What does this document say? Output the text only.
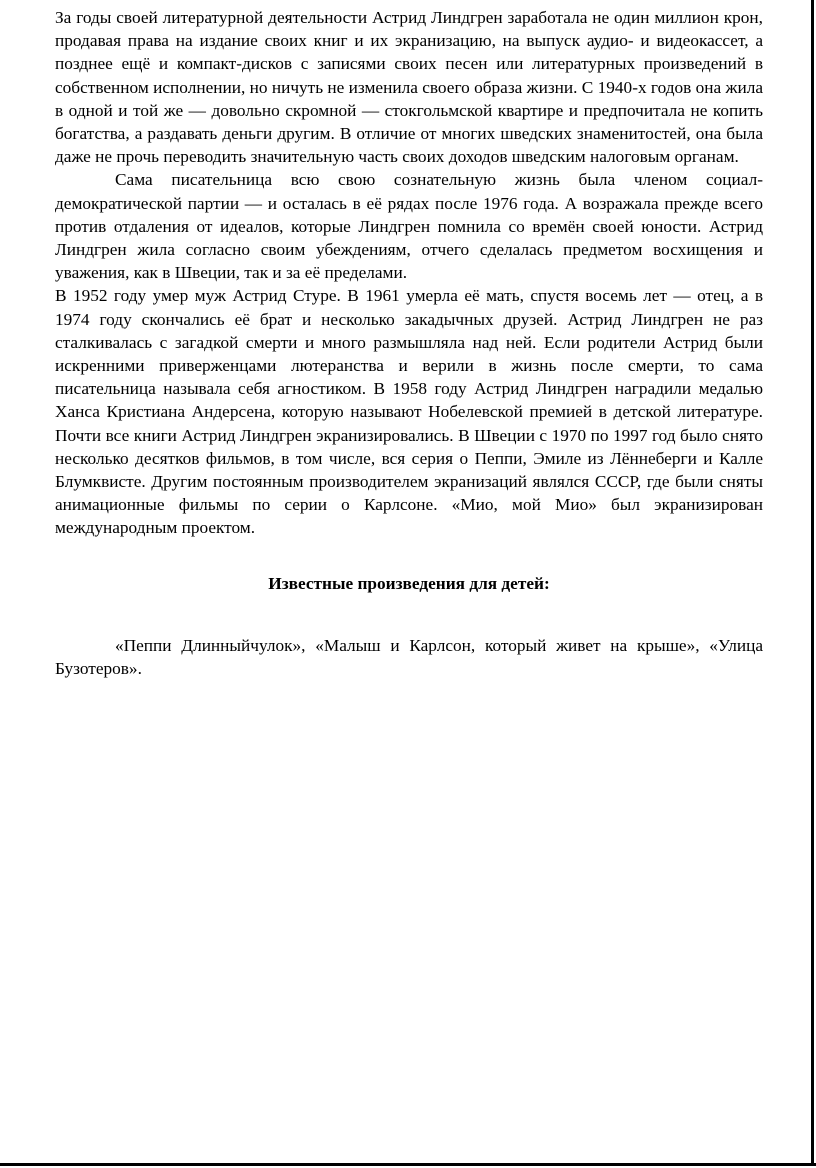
За годы своей литературной деятельности Астрид Линдгрен заработала не один миллион крон, продавая права на издание своих книг и их экранизацию, на выпуск аудио- и видеокассет, а позднее ещё и компакт-дисков с записями своих песен или литературных произведений в собственном исполнении, но ничуть не изменила своего образа жизни. С 1940-х годов она жила в одной и той же — довольно скромной — стокгольмской квартире и предпочитала не копить богатства, а раздавать деньги другим. В отличие от многих шведских знаменитостей, она была даже не прочь переводить значительную часть своих доходов шведским налоговым органам.

Сама писательница всю свою сознательную жизнь была членом социал-демократической партии — и осталась в её рядах после 1976 года. А возражала прежде всего против отдаления от идеалов, которые Линдгрен помнила со времён своей юности. Астрид Линдгрен жила согласно своим убеждениям, отчего сделалась предметом восхищения и уважения, как в Швеции, так и за её пределами.

В 1952 году умер муж Астрид Стуре. В 1961 умерла её мать, спустя восемь лет — отец, а в 1974 году скончались её брат и несколько закадычных друзей. Астрид Линдгрен не раз сталкивалась с загадкой смерти и много размышляла над ней. Если родители Астрид были искренними приверженцами лютеранства и верили в жизнь после смерти, то сама писательница называла себя агностиком. В 1958 году Астрид Линдгрен наградили медалью Ханса Кристиана Андерсена, которую называют Нобелевской премией в детской литературе. Почти все книги Астрид Линдгрен экранизировались. В Швеции с 1970 по 1997 год было снято несколько десятков фильмов, в том числе, вся серия о Пеппи, Эмиле из Лённеберги и Калле Блумквисте. Другим постоянным производителем экранизаций являлся СССР, где были сняты анимационные фильмы по серии о Карлсоне. «Мио, мой Мио» был экранизирован международным проектом.

Известные произведения для детей:

«Пеппи Длинныйчулок», «Малыш и Карлсон, который живет на крыше», «Улица Бузотеров».
